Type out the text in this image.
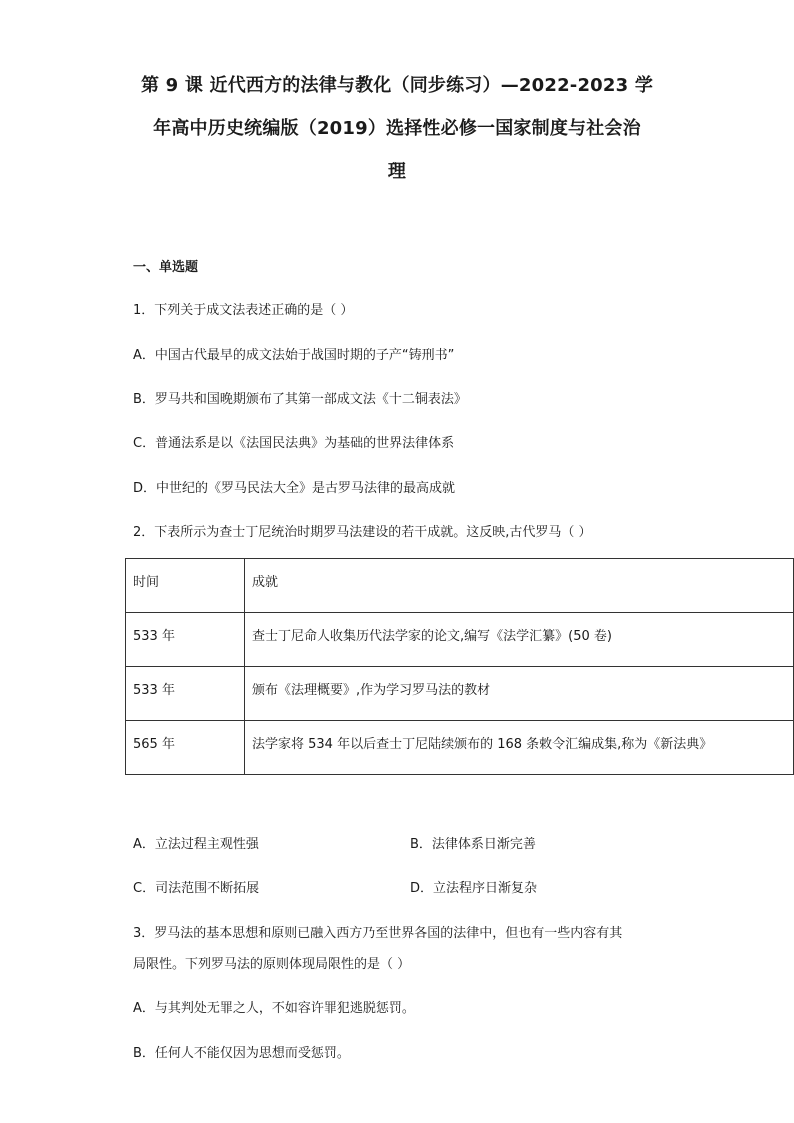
第 9 课 近代西方的法律与教化（同步练习）—2022-2023 学
年高中历史统编版（2019）选择性必修一国家制度与社会治
理
一、单选题
1．下列关于成文法表述正确的是（ ）
A．中国古代最早的成文法始于战国时期的子产“铸刑书”
B．罗马共和国晚期颁布了其第一部成文法《十二铜表法》
C．普通法系是以《法国民法典》为基础的世界法律体系
D．中世纪的《罗马民法大全》是古罗马法律的最高成就
2．下表所示为查士丁尼统治时期罗马法建设的若干成就。这反映,古代罗马（ ）
时间	成就
533 年	查士丁尼命人收集历代法学家的论文,编写《法学汇纂》(50 卷)
533 年	颁布《法理概要》,作为学习罗马法的教材
565 年	法学家将 534 年以后查士丁尼陆续颁布的 168 条敕令汇编成集,称为《新法典》
A．立法过程主观性强	B．法律体系日渐完善
C．司法范围不断拓展	D．立法程序日渐复杂
3．罗马法的基本思想和原则已融入西方乃至世界各国的法律中，但也有一些内容有其
局限性。下列罗马法的原则体现局限性的是（ ）
A．与其判处无罪之人，不如容许罪犯逃脱惩罚。
B．任何人不能仅因为思想而受惩罚。
